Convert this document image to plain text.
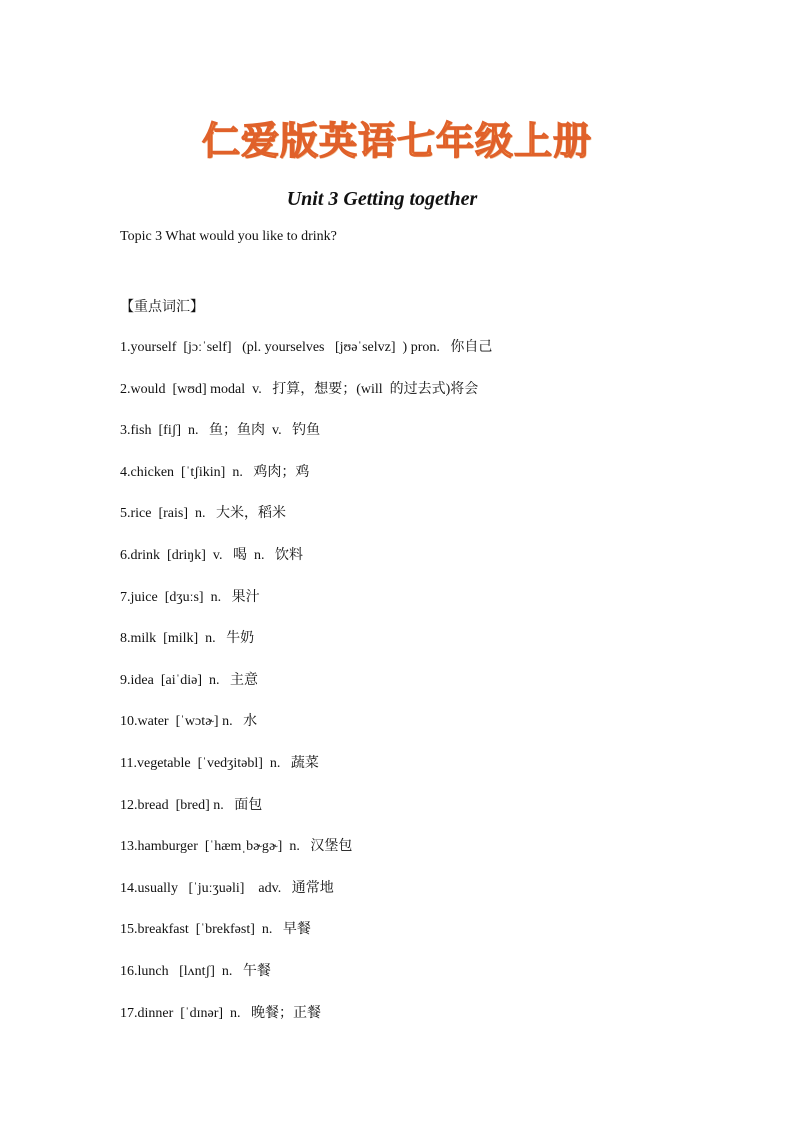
仁爱版英语七年级上册
Unit 3 Getting together
Topic 3 What would you like to drink?
【重点词汇】
1.yourself  [jɔːˈself]   (pl. yourselves   [jʊəˈselvz]  ) pron.   你自己
2.would  [wʊd] modal  v.   打算，想要；(will  的过去式)将会
3.fish  [fiʃ]  n.   鱼；鱼肉  v.   钓鱼
4.chicken  [ˈtʃikin]  n.   鸡肉；鸡
5.rice  [rais]  n.   大米，稻米
6.drink  [driŋk]  v.   喝  n.   饮料
7.juice  [dʒuːs]  n.   果汁
8.milk  [milk]  n.   牛奶
9.idea  [aiˈdiə]  n.   主意
10.water  [ˈwɔtɚ] n.   水
11.vegetable  [ˈvedʒitəbl]  n.   蔬菜
12.bread  [bred] n.   面包
13.hamburger  [ˈhæmˌbɚgɚ]  n.   汉堡包
14.usually   [ˈjuːʒuəli]    adv.   通常地
15.breakfast  [ˈbrekfəst]  n.   早餐
16.lunch   [lʌntʃ]  n.   午餐
17.dinner  [ˈdɪnər]  n.   晚餐；正餐
